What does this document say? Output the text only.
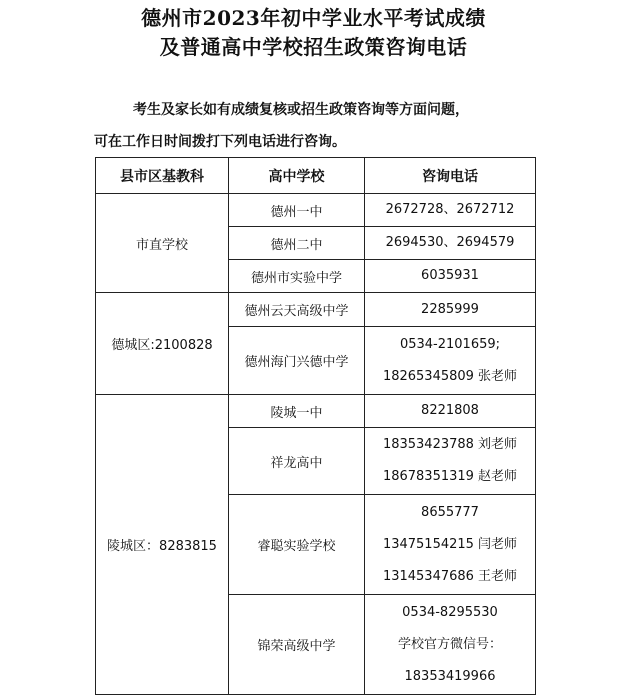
德州市2023年初中学业水平考试成绩
及普通高中学校招生政策咨询电话
考生及家长如有成绩复核或招生政策咨询等方面问题，
可在工作日时间拨打下列电话进行咨询。
县市区基教科	高中学校	咨询电话
市直学校	德州一中	2672728、2672712

	德州二中	2694530、2694579

	德州市实验中学	6035931

德城区:2100828	德州云天高级中学	2285999

	德州海门兴德中学	0534-2101659;
18265345809 张老师

陵城区：8283815	陵城一中	8221808

	祥龙高中	18353423788 刘老师
18678351319 赵老师

	睿聪实验学校	8655777
13475154215 闫老师
13145347686 王老师

	锦荣高级中学	0534-8295530
学校官方微信号：
18353419966
